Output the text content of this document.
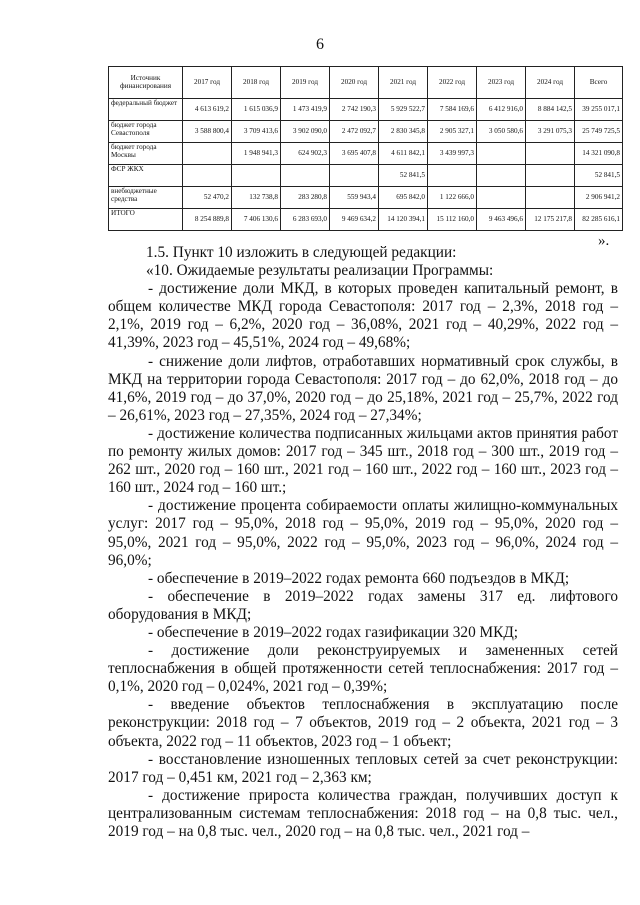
6
Источник финансирования	2017 год	2018 год	2019 год	2020 год	2021 год	2022 год	2023 год	2024 год	Всего
федеральный бюджет	4 613 619,2	1 615 036,9	1 473 419,9	2 742 190,3	5 929 522,7	7 584 169,6	6 412 916,0	8 884 142,5	39 255 017,1
бюджет города Севастополя	3 588 800,4	3 709 413,6	3 902 090,0	2 472 092,7	2 830 345,8	2 905 327,1	3 050 580,6	3 291 075,3	25 749 725,5
бюджет города Москвы		1 948 941,3	624 902,3	3 695 407,8	4 611 842,1	3 439 997,3			14 321 090,8
ФСР ЖКХ					52 841,5				52 841,5
внебюджетные средства	52 470,2	132 738,8	283 280,8	559 943,4	695 842,0	1 122 666,0			2 906 941,2
ИТОГО	8 254 889,8	7 406 130,6	6 283 693,0	9 469 634,2	14 120 394,1	15 112 160,0	9 463 496,6	12 175 217,8	82 285 616,1
».

1.5. Пункт 10 изложить в следующей редакции:

«10. Ожидаемые результаты реализации Программы:

- достижение доли МКД, в которых проведен капитальный ремонт, в общем количестве МКД города Севастополя: 2017 год – 2,3%, 2018 год – 2,1%, 2019 год – 6,2%, 2020 год – 36,08%, 2021 год – 40,29%, 2022 год – 41,39%, 2023 год – 45,51%, 2024 год – 49,68%;

- снижение доли лифтов, отработавших нормативный срок службы, в МКД на территории города Севастополя: 2017 год – до 62,0%, 2018 год – до 41,6%, 2019 год – до 37,0%, 2020 год – до 25,18%, 2021 год – 25,7%, 2022 год – 26,61%, 2023 год – 27,35%, 2024 год – 27,34%;

- достижение количества подписанных жильцами актов принятия работ по ремонту жилых домов: 2017 год – 345 шт., 2018 год – 300 шт., 2019 год – 262 шт., 2020 год – 160 шт., 2021 год – 160 шт., 2022 год – 160 шт., 2023 год – 160 шт., 2024 год – 160 шт.;

- достижение процента собираемости оплаты жилищно-коммунальных услуг: 2017 год – 95,0%, 2018 год – 95,0%, 2019 год – 95,0%, 2020 год – 95,0%, 2021 год – 95,0%, 2022 год – 95,0%, 2023 год – 96,0%, 2024 год – 96,0%;

- обеспечение в 2019–2022 годах ремонта 660 подъездов в МКД;

- обеспечение в 2019–2022 годах замены 317 ед. лифтового оборудования в МКД;

- обеспечение в 2019–2022 годах газификации 320 МКД;

- достижение доли реконструируемых и замененных сетей теплоснабжения в общей протяженности сетей теплоснабжения: 2017 год – 0,1%, 2020 год – 0,024%, 2021 год – 0,39%;

- введение объектов теплоснабжения в эксплуатацию после реконструкции: 2018 год – 7 объектов, 2019 год – 2 объекта, 2021 год – 3 объекта, 2022 год – 11 объектов, 2023 год – 1 объект;

- восстановление изношенных тепловых сетей за счет реконструкции: 2017 год – 0,451 км, 2021 год – 2,363 км;

- достижение прироста количества граждан, получивших доступ к централизованным системам теплоснабжения: 2018 год – на 0,8 тыс. чел., 2019 год – на 0,8 тыс. чел., 2020 год – на 0,8 тыс. чел., 2021 год –
